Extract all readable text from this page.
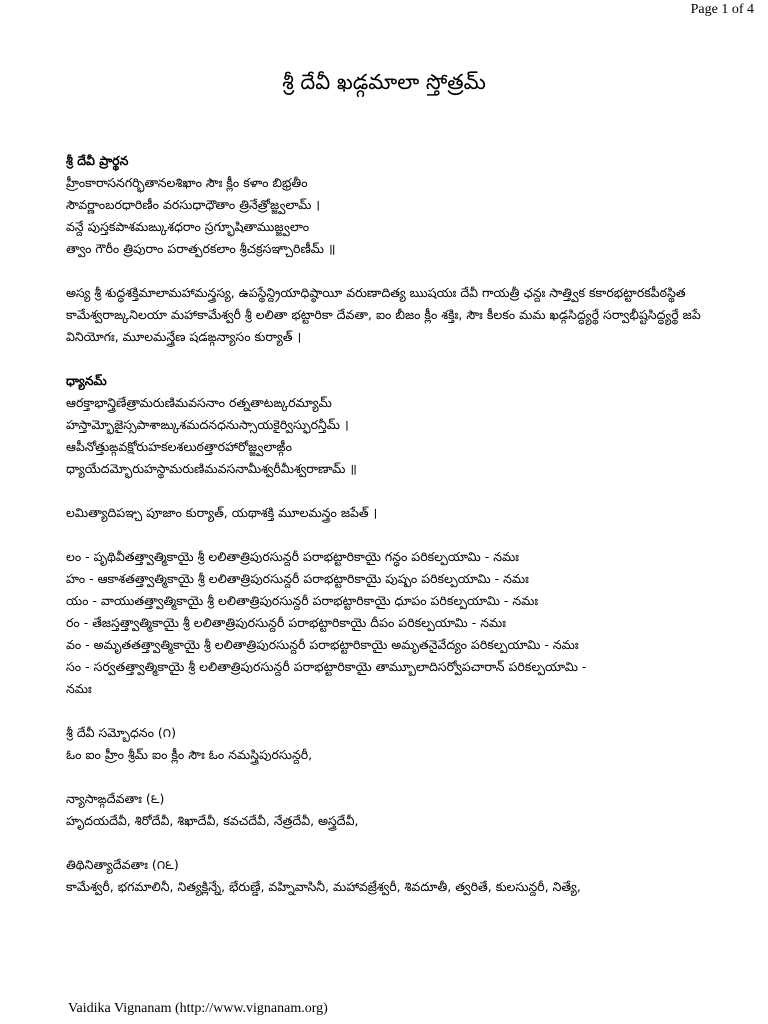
Page 1 of 4
శ్రీ దేవీ ఖడ్గమాలా స్తోత్రమ్

శ్రీ దేవీ ప్రార్థన

హ్రీంకారాసనగర్భితానలశిఖాం సౌః క్లీం కళాం బిభ్రతీం

సౌవర్ణాంబరధారిణీం వరసుధాధౌతాం త్రినేత్రోజ్జ్వలామ్ ।

వన్దే పుస్తకపాశమఙ్కుశధరాం స్రగ్భూషితాముజ్జ్వలాం

త్వాం గౌరీం త్రిపురాం పరాత్పరకలాం శ్రీచక్రసఞ్చారిణీమ్ ॥

అస్య శ్రీ శుద్ధశక్తిమాలామహామన్త్రస్య, ఉపస్థేన్ద్రియాధిష్ఠాయీ వరుణాదిత్య ఋషయః దేవీ గాయత్రీ ఛన్దః సాత్త్విక కకారభట్టారకపీఠస్థిత కామేశ్వరాఙ్కనిలయా మహాకామేశ్వరీ శ్రీ లలితా భట్టారికా దేవతా, ఐం బీజం క్లీం శక్తిః, సౌః కీలకం మమ ఖడ్గసిద్ధ్యర్థే సర్వాభీష్టసిద్ధ్యర్థే జపే వినియోగః, మూలమన్త్రేణ షడఙ్గన్యాసం కుర్యాత్ ।

ధ్యానమ్

ఆరక్తాభాన్త్రిణేత్రామరుణిమవసనాం రత్నతాటఙ్కరమ్యామ్

హస్తామ్భోజైస్సపాశాఙ్కుశమదనధనుస్సాయకైర్విస్ఫురన్తీమ్ ।

ఆపీనోత్తుఙ్గవక్షోరుహకలశలుఠత్తారహారోజ్జ్వలాఙ్గీం

ధ్యాయేదమ్భోరుహస్థామరుణిమవసనామీశ్వరీమీశ్వరాణామ్ ॥

లమిత్యాదిపఞ్చ పూజాం కుర్యాత్, యథాశక్తి మూలమన్త్రం జపేత్ ।

లం - పృథివీతత్త్వాత్మికాయై శ్రీ లలితాత్రిపురసున్దరీ పరాభట్టారికాయై గన్ధం పరికల్పయామి - నమః

హం - ఆకాశతత్త్వాత్మికాయై శ్రీ లలితాత్రిపురసున్దరీ పరాభట్టారికాయై పుష్పం పరికల్పయామి - నమః

యం - వాయుతత్త్వాత్మికాయై శ్రీ లలితాత్రిపురసున్దరీ పరాభట్టారికాయై ధూపం పరికల్పయామి - నమః

రం - తేజస్తత్త్వాత్మికాయై శ్రీ లలితాత్రిపురసున్దరీ పరాభట్టారికాయై దీపం పరికల్పయామి - నమః

వం - అమృతతత్త్వాత్మికాయై శ్రీ లలితాత్రిపురసున్దరీ పరాభట్టారికాయై అమృతనైవేద్యం పరికల్పయామి - నమః

సం - సర్వతత్త్వాత్మికాయై శ్రీ లలితాత్రిపురసున్దరీ పరాభట్టారికాయై తామ్బూలాదిసర్వోపచారాన్ పరికల్పయామి -

నమః

శ్రీ దేవీ సమ్బోధనం (౧)

ఓం ఐం హ్రీం శ్రీమ్ ఐం క్లీం సౌః ఓం నమస్త్రిపురసున్దరీ,

న్యాసాఙ్గదేవతాః (౬)

హృదయదేవీ, శిరోదేవీ, శిఖాదేవీ, కవచదేవీ, నేత్రదేవీ, అస్త్రదేవీ,

తిథినిత్యాదేవతాః (౧౬)

కామేశ్వరీ, భగమాలినీ, నిత్యక్లిన్నే, భేరుణ్డే, వహ్నివాసినీ, మహావజ్రేశ్వరీ, శివదూతీ, త్వరితే, కులసున్దరీ, నిత్యే,

Vaidika Vignanam (http://www.vignanam.org)
